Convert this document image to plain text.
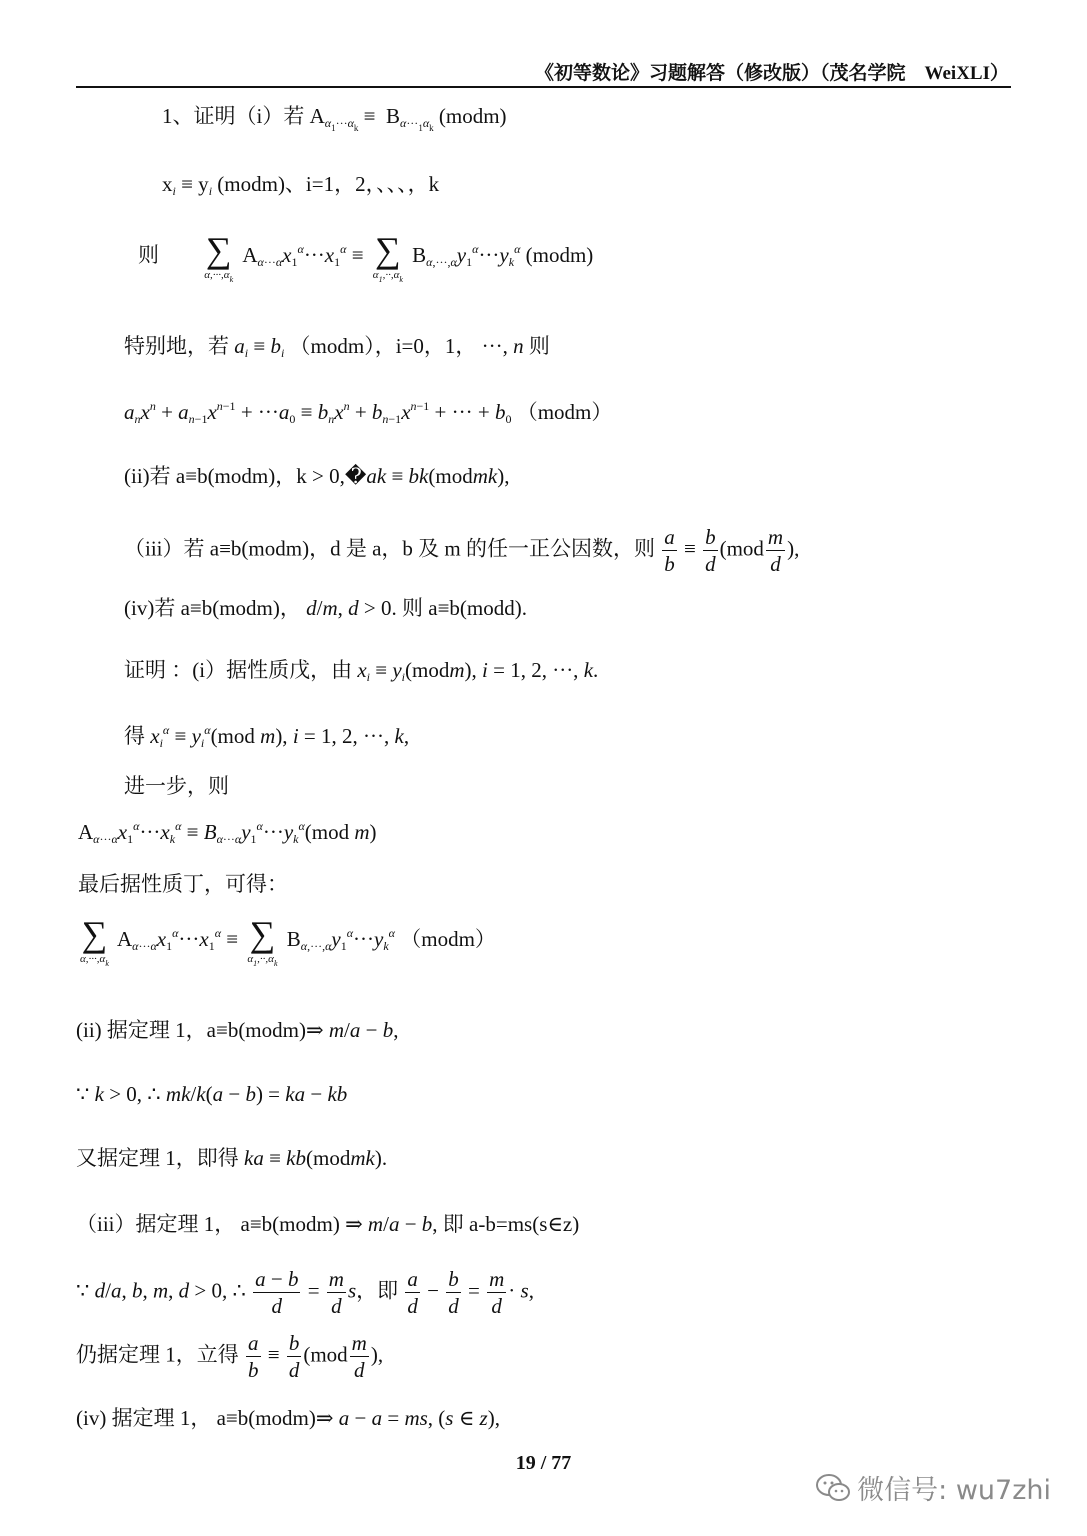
《初等数论》习题解答（修改版）（茂名学院　WeiXLI）
1、证明（i）若 $A_{\alpha_1\cdot\cdot\cdot\alpha_k} \equiv B_{\alpha\cdot\cdot\cdot_1\alpha_k}$ (modm)
$x_i \equiv y_i$ (modm)、i=1，2，、、、，k
则 ∑
$\alpha,\cdot\cdot\cdot,\alpha_k$
$A_{\alpha\cdot\cdot\cdot\alpha}x_1^\alpha\cdot\cdot\cdot x_1^\alpha$ ≡ ∑
$\alpha_1,\cdot\cdot,\alpha_k$
$B_{\alpha,\cdot\cdot\cdot,\alpha}y_1^\alpha\cdot\cdot\cdot y_k^\alpha$ (modm)
特别地，若 $a_i \equiv b_i$ （modm），i=0，1， ···, n 则
$a_nx^n + a_{n-1}x^{n-1} + \cdot\cdot\cdot a_0 \equiv b_nx^n + b_{n-1}x^{n-1}$ + ··· + $b_0$ （modm）
(ii)若 a≡b(modm)，k > 0,�ak ≡ bk(modmk),
（iii）若 a≡b(modm)，d 是 a，b 及 m 的任一正公因数，则 $\frac{a}{b} \equiv \frac{b}{d} (mod \frac{m}{d}$ ),
(iv)若 a≡b(modm)， d/m, d > 0. 则 a≡b(modd).
证明 ：(i）据性质戊，由 $x_i$ ≡ $y_i(modm)$, i = 1, 2, ···, k.
得 $x_i^\alpha \equiv y_i^\alpha(mod$ m), i = 1, 2, ···, k,
进一步，则
$A_{\alpha\cdot\cdot\cdot\alpha}x_1^\alpha\cdot\cdot\cdot x_k^\alpha \equiv B_{\alpha\cdot\cdot\cdot\alpha}y_1^\alpha\cdot\cdot\cdot y_k^\alpha(mod$ m)
最后据性质丁，可得：
∑
$\alpha,\cdot\cdot\cdot,\alpha_k$
$A_{\alpha\cdot\cdot\cdot\alpha}x_1^\alpha\cdot\cdot\cdot x_1^\alpha$ ≡ ∑
$\alpha_1,\cdot\cdot,\alpha_k$
$B_{\alpha,\cdot\cdot\cdot,\alpha}y_1^\alpha\cdot\cdot\cdot y_k^\alpha$ （modm）
(ii) 据定理 1，a≡b(modm)⇒ m/a − b,
∵ k > 0, ∴ mk/k(a − b) = ka − kb
又据定理 1，即得 ka ≡ kb(modmk).
（iii）据定理 1， a≡b(modm) ⇒ m/a − b, 即 a-b=ms(s∈z)
∵ d/a, b, m, d > 0, ∴ $\frac{a - b}{d} = \frac{m}{d}$ s，即 $\frac{a}{d} - \frac{b}{d} = \frac{m}{d} \cdot s$,
仍据定理 1，立得 $\frac{a}{b} \equiv \frac{b}{d} (mod \frac{m}{d}$ ),
(iv) 据定理 1， a≡b(modm)⇒ a − a = ms, (s ∈ z),
19 / 77
微信号: wu7zhi
